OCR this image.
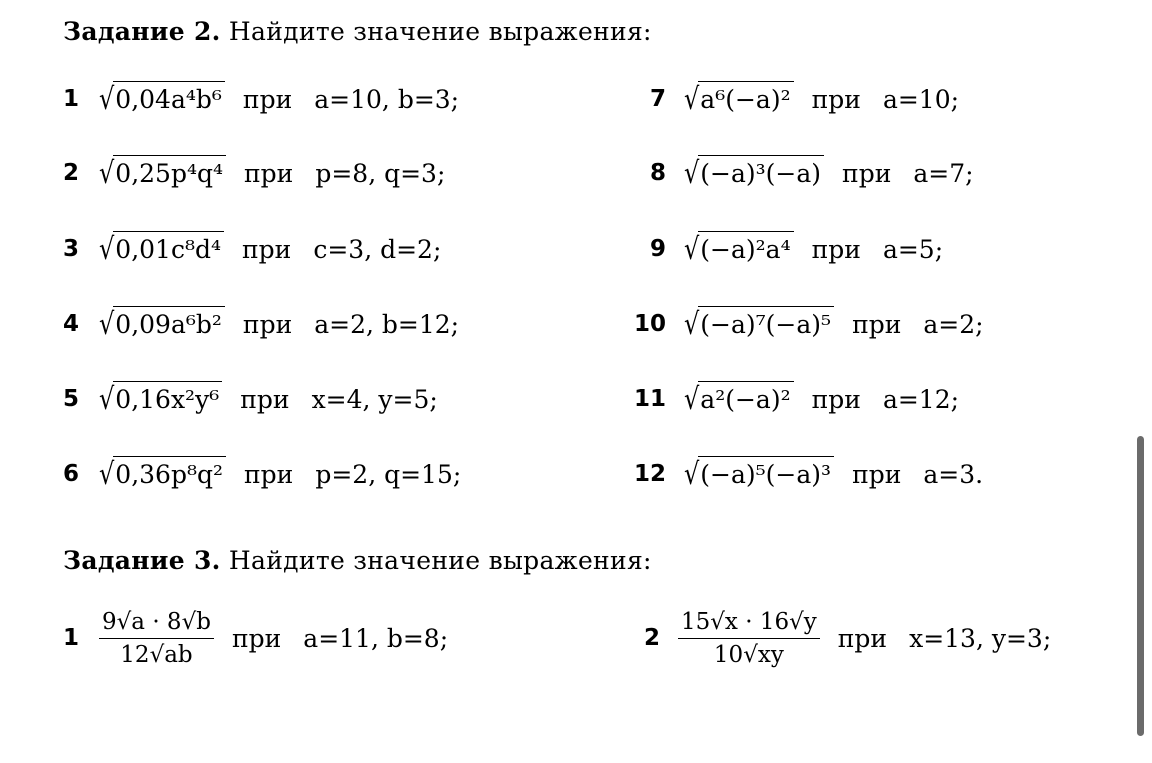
Задание 2. Найдите значение выражения:
1 √ 0,04a⁴b⁶ при a=10, b=3;
2 √ 0,25p⁴q⁴ при p=8, q=3;
3 √ 0,01c⁸d⁴ при c=3, d=2;
4 √ 0,09a⁶b² при a=2, b=12;
5 √ 0,16x²y⁶ при x=4, y=5;
6 √ 0,36p⁸q² при p=2, q=15;
7 √ a⁶(−a)² при a=10;
8 √ (−a)³(−a) при a=7;
9 √ (−a)²a⁴ при a=5;
10 √ (−a)⁷(−a)⁵ при a=2;
11 √ a²(−a)² при a=12;
12 √ (−a)⁵(−a)³ при a=3.
Задание 3. Найдите значение выражения:
$1 \frac{9√a \cdot 8√b}{12√ab}$ при a=11, b=8;	$2 \frac{15√x \cdot 16√y}{10√xy}$ при x=13, y=3;
